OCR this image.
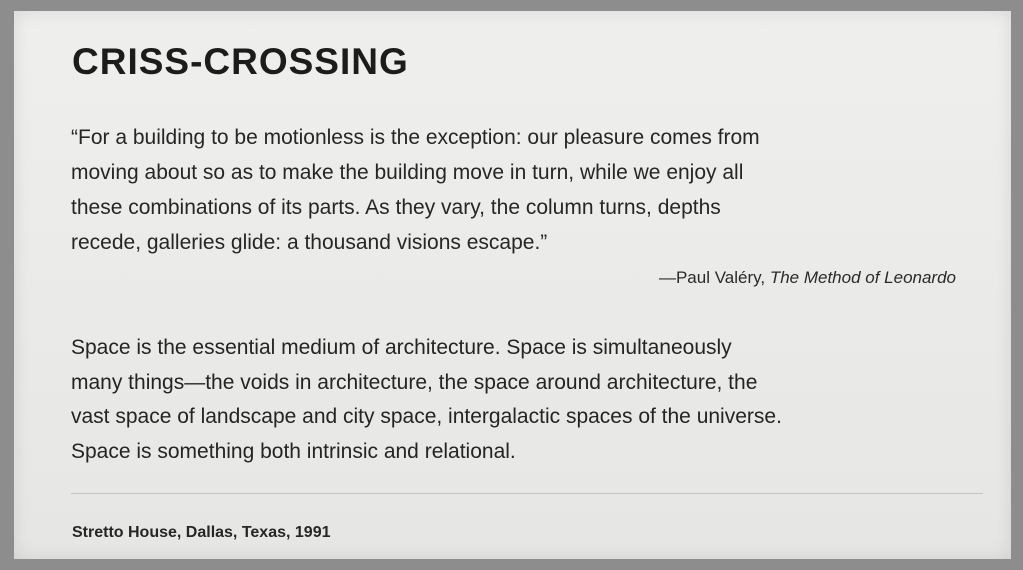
CRISS-CROSSING

“For a building to be motionless is the exception: our pleasure comes from
moving about so as to make the building move in turn, while we enjoy all
these combinations of its parts. As they vary, the column turns, depths
recede, galleries glide: a thousand visions escape.”

—Paul Valéry, The Method of Leonardo

Space is the essential medium of architecture. Space is simultaneously
many things—the voids in architecture, the space around architecture, the
vast space of landscape and city space, intergalactic spaces of the universe.
Space is something both intrinsic and relational.

Stretto House, Dallas, Texas, 1991
